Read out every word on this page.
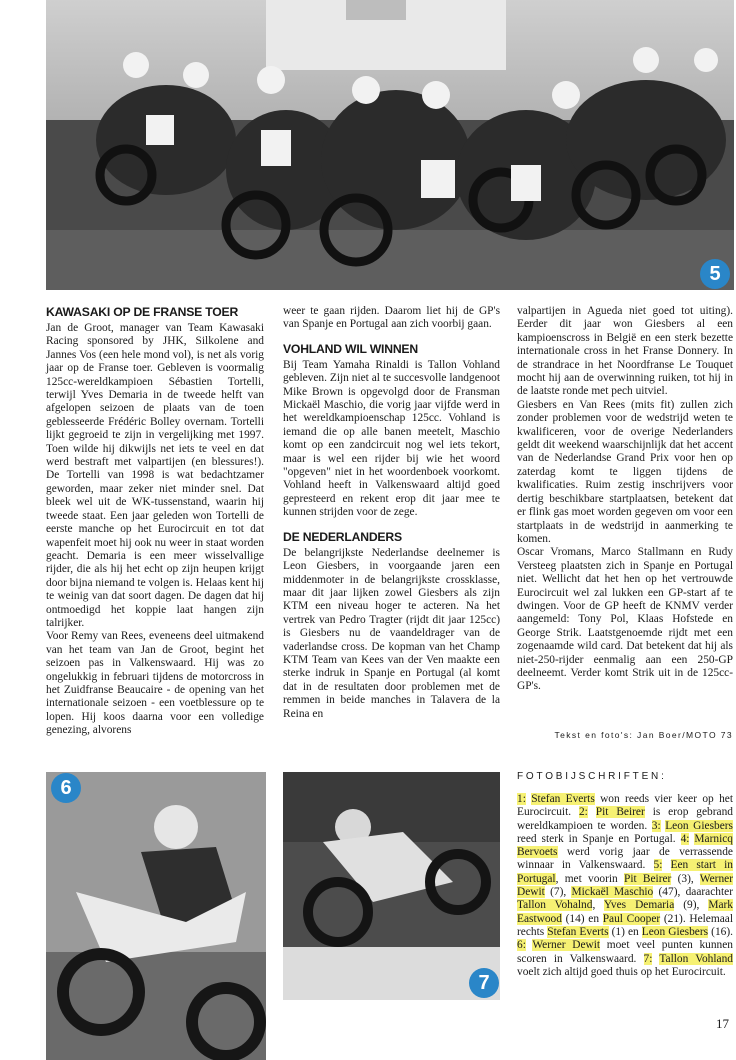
5
KAWASAKI OP DE FRANSE TOER

Jan de Groot, manager van Team Kawasaki Racing sponsored by JHK, Silkolene and Jannes Vos (een hele mond vol), is net als vorig jaar op de Franse toer. Gebleven is voormalig 125cc-wereldkampioen Sébastien Tortelli, terwijl Yves Demaria in de tweede helft van afgelopen seizoen de plaats van de toen geblesseerde Frédéric Bolley overnam. Tortelli lijkt gegroeid te zijn in vergelijking met 1997. Toen wilde hij dikwijls net iets te veel en dat werd bestraft met valpartijen (en blessures!). De Tortelli van 1998 is wat bedachtzamer geworden, maar zeker niet minder snel. Dat bleek wel uit de WK-tussenstand, waarin hij tweede staat. Een jaar geleden won Tortelli de eerste manche op het Eurocircuit en tot dat wapenfeit moet hij ook nu weer in staat worden geacht. Demaria is een meer wisselvallige rijder, die als hij het echt op zijn heupen krijgt door bijna niemand te volgen is. Helaas kent hij te weinig van dat soort dagen. De dagen dat hij ontmoedigd het koppie laat hangen zijn talrijker.

Voor Remy van Rees, eveneens deel uitmakend van het team van Jan de Groot, begint het seizoen pas in Valkenswaard. Hij was zo ongelukkig in februari tijdens de motorcross in het Zuidfranse Beaucaire - de opening van het internationale seizoen - een voetblessure op te lopen. Hij koos daarna voor een volledige genezing, alvorens

weer te gaan rijden. Daarom liet hij de GP's van Spanje en Portugal aan zich voorbij gaan.

VOHLAND WIL WINNEN

Bij Team Yamaha Rinaldi is Tallon Vohland gebleven. Zijn niet al te succesvolle landgenoot Mike Brown is opgevolgd door de Fransman Mickaël Maschio, die vorig jaar vijfde werd in het wereldkampioenschap 125cc. Vohland is iemand die op alle banen meetelt, Maschio komt op een zandcircuit nog wel iets tekort, maar is wel een rijder bij wie het woord "opgeven" niet in het woordenboek voorkomt. Vohland heeft in Valkenswaard altijd goed gepresteerd en rekent erop dit jaar mee te kunnen strijden voor de zege.

DE NEDERLANDERS

De belangrijkste Nederlandse deelnemer is Leon Giesbers, in voorgaande jaren een middenmoter in de belangrijkste crossklasse, maar dit jaar lijken zowel Giesbers als zijn KTM een niveau hoger te acteren. Na het vertrek van Pedro Tragter (rijdt dit jaar 125cc) is Giesbers nu de vaandeldrager van de vaderlandse cross. De kopman van het Champ KTM Team van Kees van der Ven maakte een sterke indruk in Spanje en Portugal (al komt dat in de resultaten door problemen met de remmen in beide manches in Talavera de la Reina en

valpartijen in Agueda niet goed tot uiting). Eerder dit jaar won Giesbers al een kampioenscross in België en een sterk bezette internationale cross in het Franse Donnery. In de strandrace in het Noordfranse Le Touquet mocht hij aan de overwinning ruiken, tot hij in de laatste ronde met pech uitviel.

Giesbers en Van Rees (mits fit) zullen zich zonder problemen voor de wedstrijd weten te kwalificeren, voor de overige Nederlanders geldt dit weekend waarschijnlijk dat het accent van de Nederlandse Grand Prix voor hen op zaterdag komt te liggen tijdens de kwalificaties. Ruim zestig inschrijvers voor dertig beschikbare startplaatsen, betekent dat er flink gas moet worden gegeven om voor een startplaats in de wedstrijd in aanmerking te komen.

Oscar Vromans, Marco Stallmann en Rudy Versteeg plaatsten zich in Spanje en Portugal niet. Wellicht dat het hen op het vertrouwde Eurocircuit wel zal lukken een GP-start af te dwingen. Voor de GP heeft de KNMV verder aangemeld: Tony Pol, Klaas Hofstede en George Strik. Laatstgenoemde rijdt met een zogenaamde wild card. Dat betekent dat hij als niet-250-rijder eenmalig aan een 250-GP deelneemt. Verder komt Strik uit in de 125cc-GP's.

Tekst en foto's: Jan Boer/MOTO 73
6
7
FOTOBIJSCHRIFTEN:
1: Stefan Everts won reeds vier keer op het Eurocircuit. 2: Pit Beirer is erop gebrand wereldkampioen te worden. 3: Leon Giesbers reed sterk in Spanje en Portugal. 4: Marnicq Bervoets werd vorig jaar de verrassende winnaar in Valkenswaard. 5: Een start in Portugal, met voorin Pit Beirer (3), Werner Dewit (7), Mickaël Maschio (47), daarachter Tallon Vohalnd, Yves Demaria (9), Mark Eastwood (14) en Paul Cooper (21). Helemaal rechts Stefan Everts (1) en Leon Giesbers (16). 6: Werner Dewit moet veel punten kunnen scoren in Valkenswaard. 7: Tallon Vohland voelt zich altijd goed thuis op het Eurocircuit.
17
